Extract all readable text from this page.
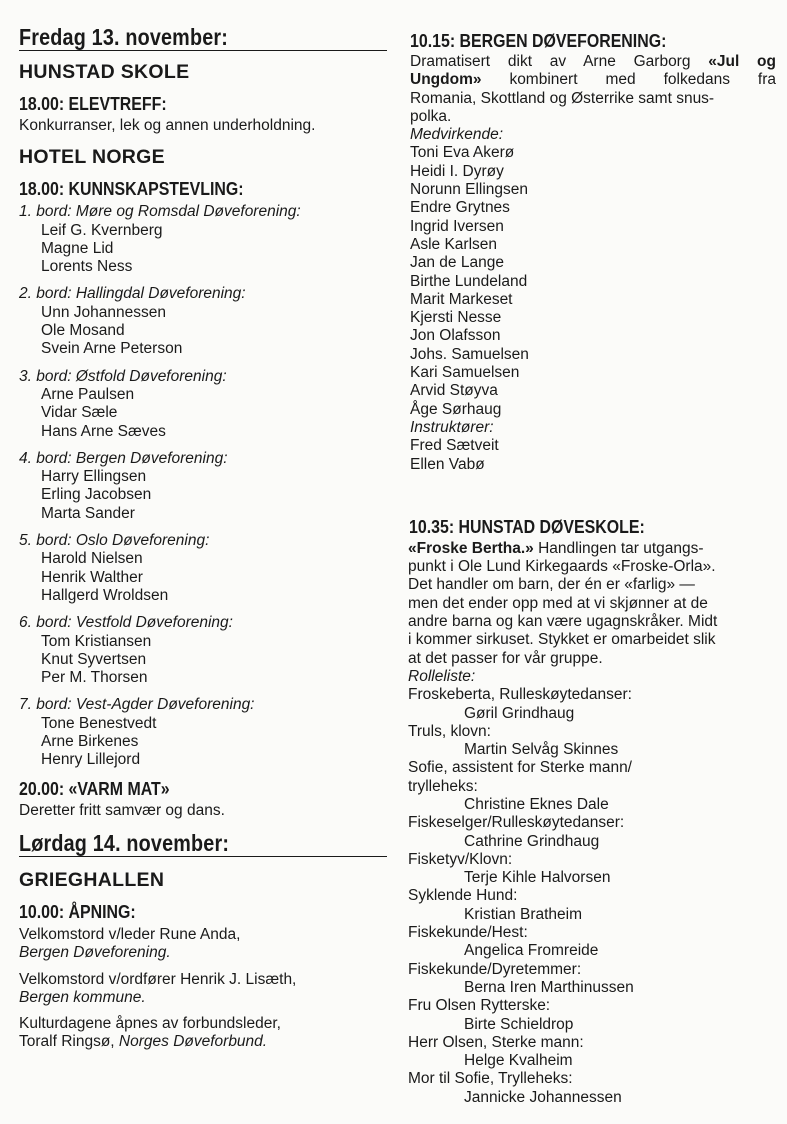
Fredag 13. november:
HUNSTAD SKOLE
18.00: ELEVTREFF:

Konkurranser, lek og annen underholdning.

HOTEL NORGE
18.00: KUNNSKAPSTEVLING:

1. bord: Møre og Romsdal Døveforening:

Leif G. Kvernberg
Magne Lid
Lorents Ness

2. bord: Hallingdal Døveforening:

Unn Johannessen
Ole Mosand
Svein Arne Peterson

3. bord: Østfold Døveforening:

Arne Paulsen
Vidar Sæle
Hans Arne Sæves

4. bord: Bergen Døveforening:

Harry Ellingsen
Erling Jacobsen
Marta Sander

5. bord: Oslo Døveforening:

Harold Nielsen
Henrik Walther
Hallgerd Wroldsen

6. bord: Vestfold Døveforening:

Tom Kristiansen
Knut Syvertsen
Per M. Thorsen

7. bord: Vest-Agder Døveforening:

Tone Benestvedt
Arne Birkenes
Henry Lillejord
20.00: «VARM MAT»

Deretter fritt samvær og dans.

Lørdag 14. november:
GRIEGHALLEN
10.00: ÅPNING:

Velkomstord v/leder Rune Anda,

Bergen Døveforening.

Velkomstord v/ordfører Henrik J. Lisæth,

Bergen kommune.

Kulturdagene åpnes av forbundsleder,

Toralf Ringsø, Norges Døveforbund.

10.15: BERGEN DØVEFORENING:
Dramatisert dikt av Arne Garborg «Jul og
Ungdom» kombinert med folkedans fra
Romania, Skottland og Østerrike samt snus-
polka.

Medvirkende:

Toni Eva Akerø
Heidi I. Dyrøy
Norunn Ellingsen
Endre Grytnes
Ingrid Iversen
Asle Karlsen
Jan de Lange
Birthe Lundeland
Marit Markeset
Kjersti Nesse
Jon Olafsson
Johs. Samuelsen
Kari Samuelsen
Arvid Støyva
Åge Sørhaug

Instruktører:

Fred Sætveit
Ellen Vabø
10.35: HUNSTAD DØVESKOLE:
«Froske Bertha.» Handlingen tar utgangs-
punkt i Ole Lund Kirkegaards «Froske-Orla».
Det handler om barn, der én er «farlig» —
men det ender opp med at vi skjønner at de
andre barna og kan være ugagnskråker. Midt
i kommer sirkuset. Stykket er omarbeidet slik
at det passer for vår gruppe.

Rolleliste:

Froskeberta, Rulleskøytedanser:
Gøril Grindhaug
Truls, klovn:
Martin Selvåg Skinnes
Sofie, assistent for Sterke mann/
trylleheks:
Christine Eknes Dale
Fiskeselger/Rulleskøytedanser:
Cathrine Grindhaug
Fisketyv/Klovn:
Terje Kihle Halvorsen
Syklende Hund:
Kristian Bratheim
Fiskekunde/Hest:
Angelica Fromreide
Fiskekunde/Dyretemmer:
Berna Iren Marthinussen
Fru Olsen Rytterske:
Birte Schieldrop
Herr Olsen, Sterke mann:
Helge Kvalheim
Mor til Sofie, Trylleheks:
Jannicke Johannessen
